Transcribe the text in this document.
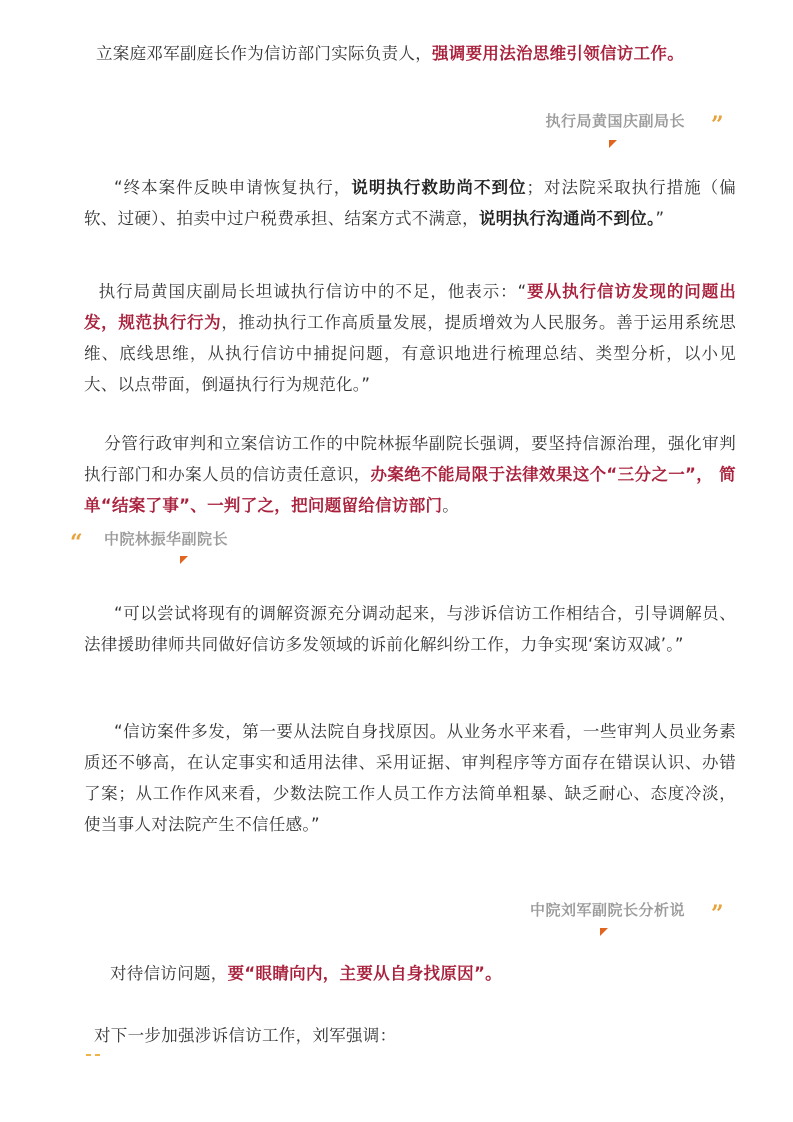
立案庭邓军副庭长作为信访部门实际负责人，强调要用法治思维引领信访工作。

执行局黄国庆副局长 ”

“终本案件反映申请恢复执行，说明执行救助尚不到位；对法院采取执行措施（偏软、过硬）、拍卖中过户税费承担、结案方式不满意，说明执行沟通尚不到位。”

执行局黄国庆副局长坦诚执行信访中的不足，他表示：“要从执行信访发现的问题出发，规范执行行为，推动执行工作高质量发展，提质增效为人民服务。善于运用系统思维、底线思维，从执行信访中捕捉问题，有意识地进行梳理总结、类型分析，以小见大、以点带面，倒逼执行行为规范化。”

分管行政审判和立案信访工作的中院林振华副院长强调，要坚持信源治理，强化审判执行部门和办案人员的信访责任意识，办案绝不能局限于法律效果这个“三分之一”， 简单“结案了事”、一判了之，把问题留给信访部门。

“ 中院林振华副院长

“可以尝试将现有的调解资源充分调动起来，与涉诉信访工作相结合，引导调解员、法律援助律师共同做好信访多发领域的诉前化解纠纷工作，力争实现‘案访双减’。”

“信访案件多发，第一要从法院自身找原因。从业务水平来看，一些审判人员业务素质还不够高，在认定事实和适用法律、采用证据、审判程序等方面存在错误认识、办错了案；从工作作风来看，少数法院工作人员工作方法简单粗暴、缺乏耐心、态度冷淡，使当事人对法院产生不信任感。”

中院刘军副院长分析说 ”

对待信访问题，要“眼睛向内，主要从自身找原因”。

对下一步加强涉诉信访工作，刘军强调：
